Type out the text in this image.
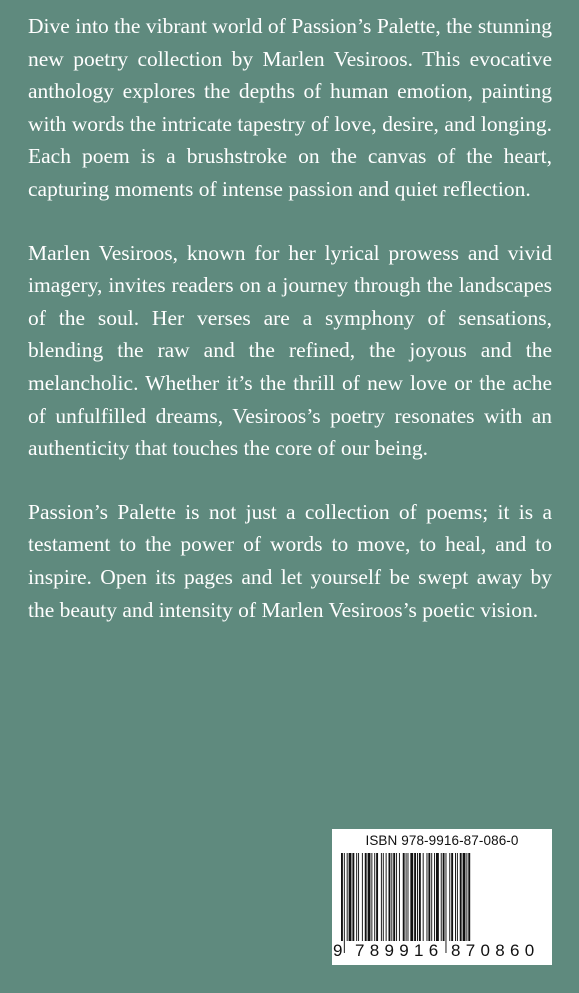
Dive into the vibrant world of Passion’s Palette, the stunning new poetry collection by Marlen Vesiroos. This evocative anthology explores the depths of human emotion, painting with words the intricate tapestry of love, desire, and longing. Each poem is a brushstroke on the canvas of the heart, capturing moments of intense passion and quiet reflection.

Marlen Vesiroos, known for her lyrical prowess and vivid imagery, invites readers on a journey through the landscapes of the soul. Her verses are a symphony of sensations, blending the raw and the refined, the joyous and the melancholic. Whether it’s the thrill of new love or the ache of unfulfilled dreams, Vesiroos’s poetry resonates with an authenticity that touches the core of our being.

Passion’s Palette is not just a collection of poems; it is a testament to the power of words to move, to heal, and to inspire. Open its pages and let yourself be swept away by the beauty and intensity of Marlen Vesiroos’s poetic vision.

ISBN 978-9916-87-086-0
9 789916 870860
